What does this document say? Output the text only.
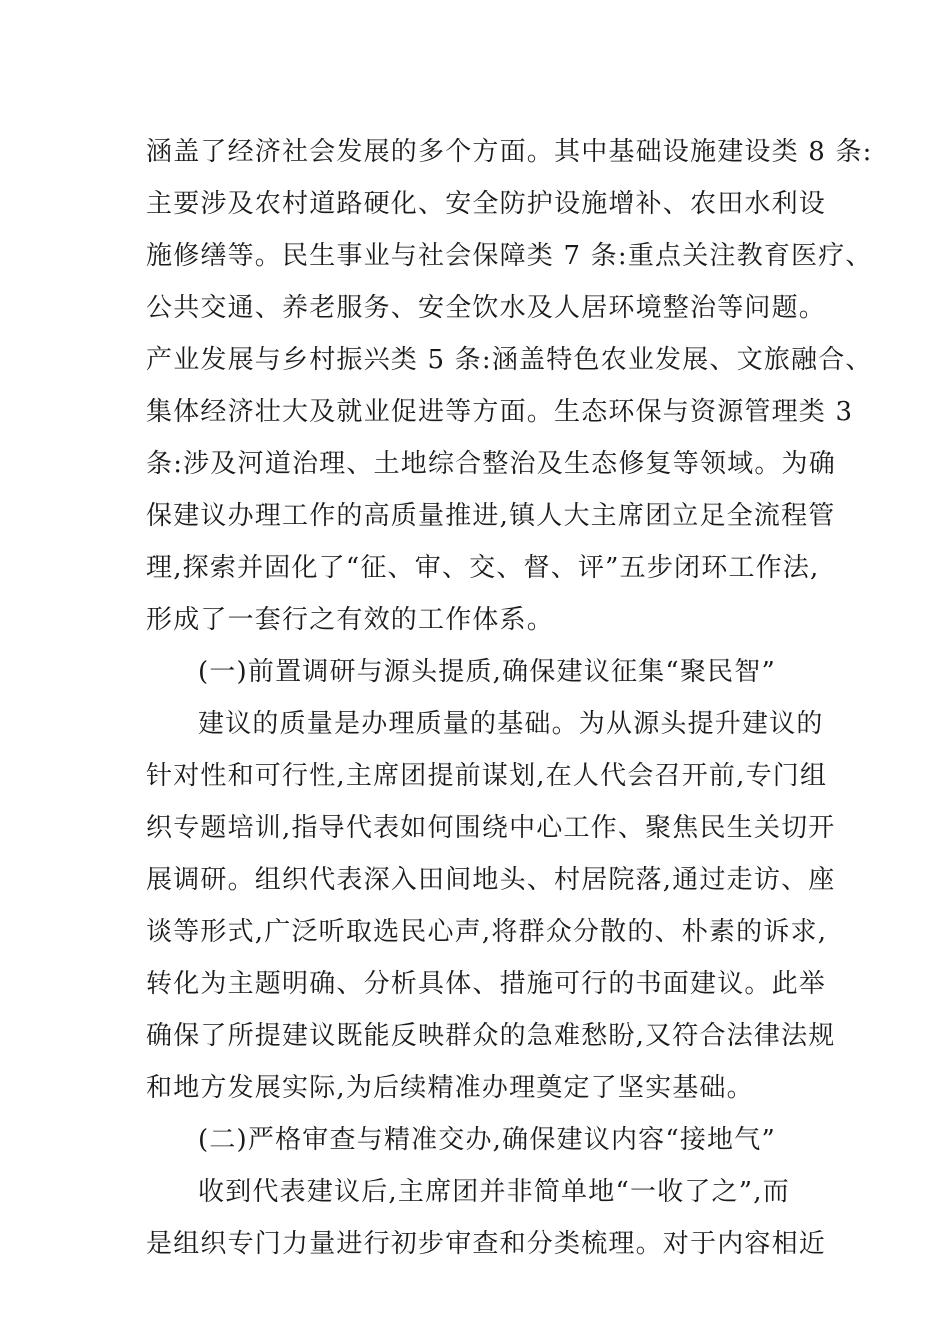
涵盖了经济社会发展的多个方面。其中基础设施建设类 8 条:
主要涉及农村道路硬化、安全防护设施增补、农田水利设
施修缮等。民生事业与社会保障类 7 条:重点关注教育医疗、
公共交通、养老服务、安全饮水及人居环境整治等问题。
产业发展与乡村振兴类 5 条:涵盖特色农业发展、文旅融合、
集体经济壮大及就业促进等方面。生态环保与资源管理类 3
条:涉及河道治理、土地综合整治及生态修复等领域。为确
保建议办理工作的高质量推进,镇人大主席团立足全流程管
理,探索并固化了“征、审、交、督、评”五步闭环工作法,
形成了一套行之有效的工作体系。
(一)前置调研与源头提质,确保建议征集“聚民智”
建议的质量是办理质量的基础。为从源头提升建议的
针对性和可行性,主席团提前谋划,在人代会召开前,专门组
织专题培训,指导代表如何围绕中心工作、聚焦民生关切开
展调研。组织代表深入田间地头、村居院落,通过走访、座
谈等形式,广泛听取选民心声,将群众分散的、朴素的诉求,
转化为主题明确、分析具体、措施可行的书面建议。此举
确保了所提建议既能反映群众的急难愁盼,又符合法律法规
和地方发展实际,为后续精准办理奠定了坚实基础。
(二)严格审查与精准交办,确保建议内容“接地气”
收到代表建议后,主席团并非简单地“一收了之”,而
是组织专门力量进行初步审查和分类梳理。对于内容相近
